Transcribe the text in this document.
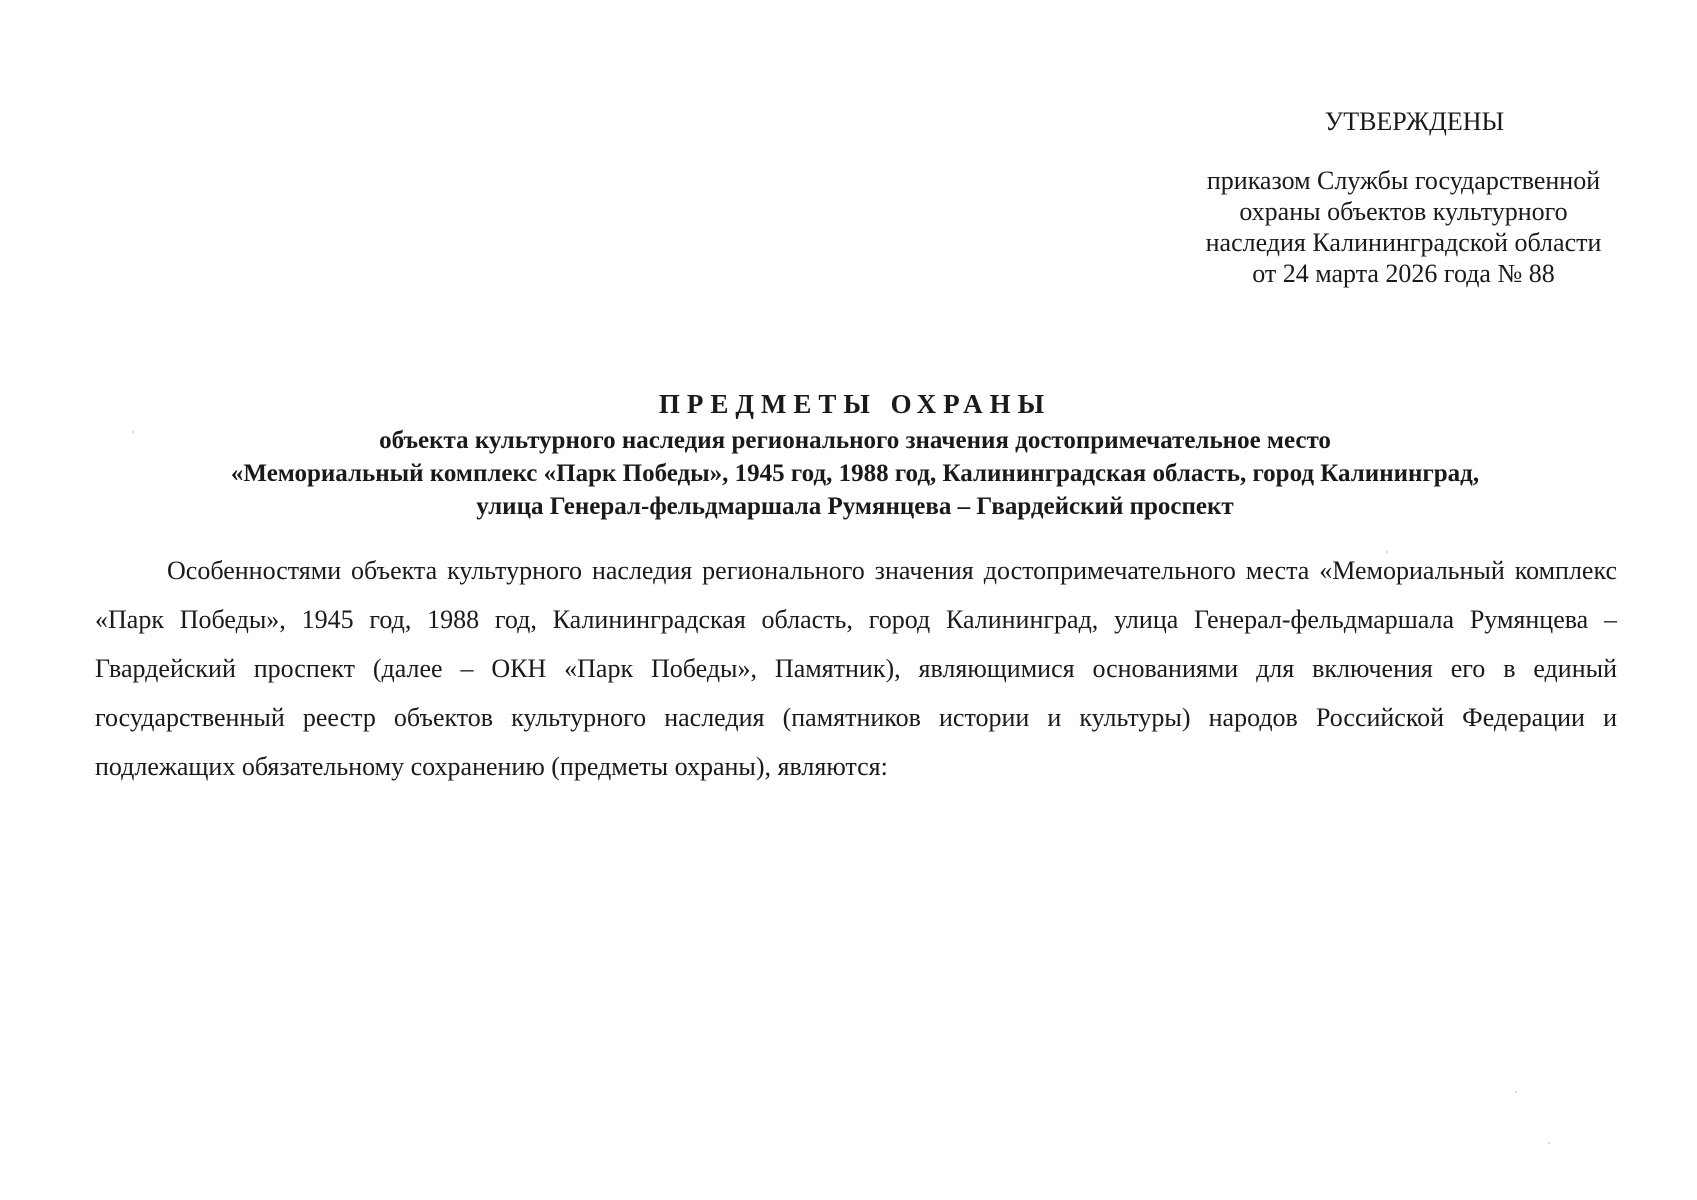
УТВЕРЖДЕНЫ
приказом Службы государственной
охраны объектов культурного
наследия Калининградской области
от 24 марта 2026 года № 88
ПРЕДМЕТЫ ОХРАНЫ
объекта культурного наследия регионального значения достопримечательное место
«Мемориальный комплекс «Парк Победы», 1945 год, 1988 год, Калининградская область, город Калининград,
улица Генерал-фельдмаршала Румянцева – Гвардейский проспект

Особенностями объекта культурного наследия регионального значения достопримечательного места «Мемориальный комплекс «Парк Победы», 1945 год, 1988 год, Калининградская область, город Калининград, улица Генерал-фельдмаршала Румянцева – Гвардейский проспект (далее – ОКН «Парк Победы», Памятник), являющимися основаниями для включения его в единый государственный реестр объектов культурного наследия (памятников истории и культуры) народов Российской Федерации и подлежащих обязательному сохранению (предметы охраны), являются:
